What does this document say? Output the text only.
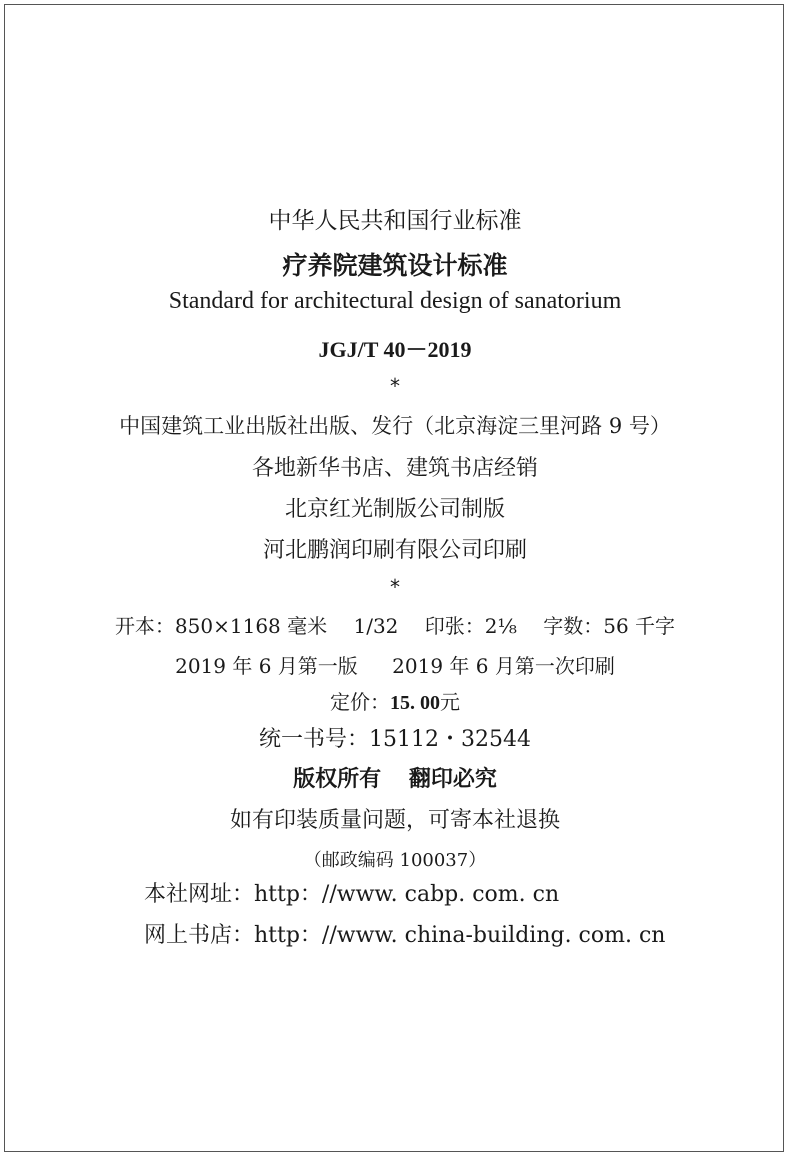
中华人民共和国行业标准
疗养院建筑设计标准
Standard for architectural design of sanatorium
JGJ/T 40－2019
*
中国建筑工业出版社出版、发行（北京海淀三里河路 9 号）
各地新华书店、建筑书店经销
北京红光制版公司制版
河北鹏润印刷有限公司印刷
*
开本：850×1168 毫米 1/32 印张：2⅛ 字数：56 千字
2019 年 6 月第一版 2019 年 6 月第一次印刷
定价：15. 00元
统一书号：15112・32544
版权所有 翻印必究
如有印装质量问题，可寄本社退换
（邮政编码 100037）
本社网址：http：//www. cabp. com. cn
网上书店：http：//www. china-building. com. cn
